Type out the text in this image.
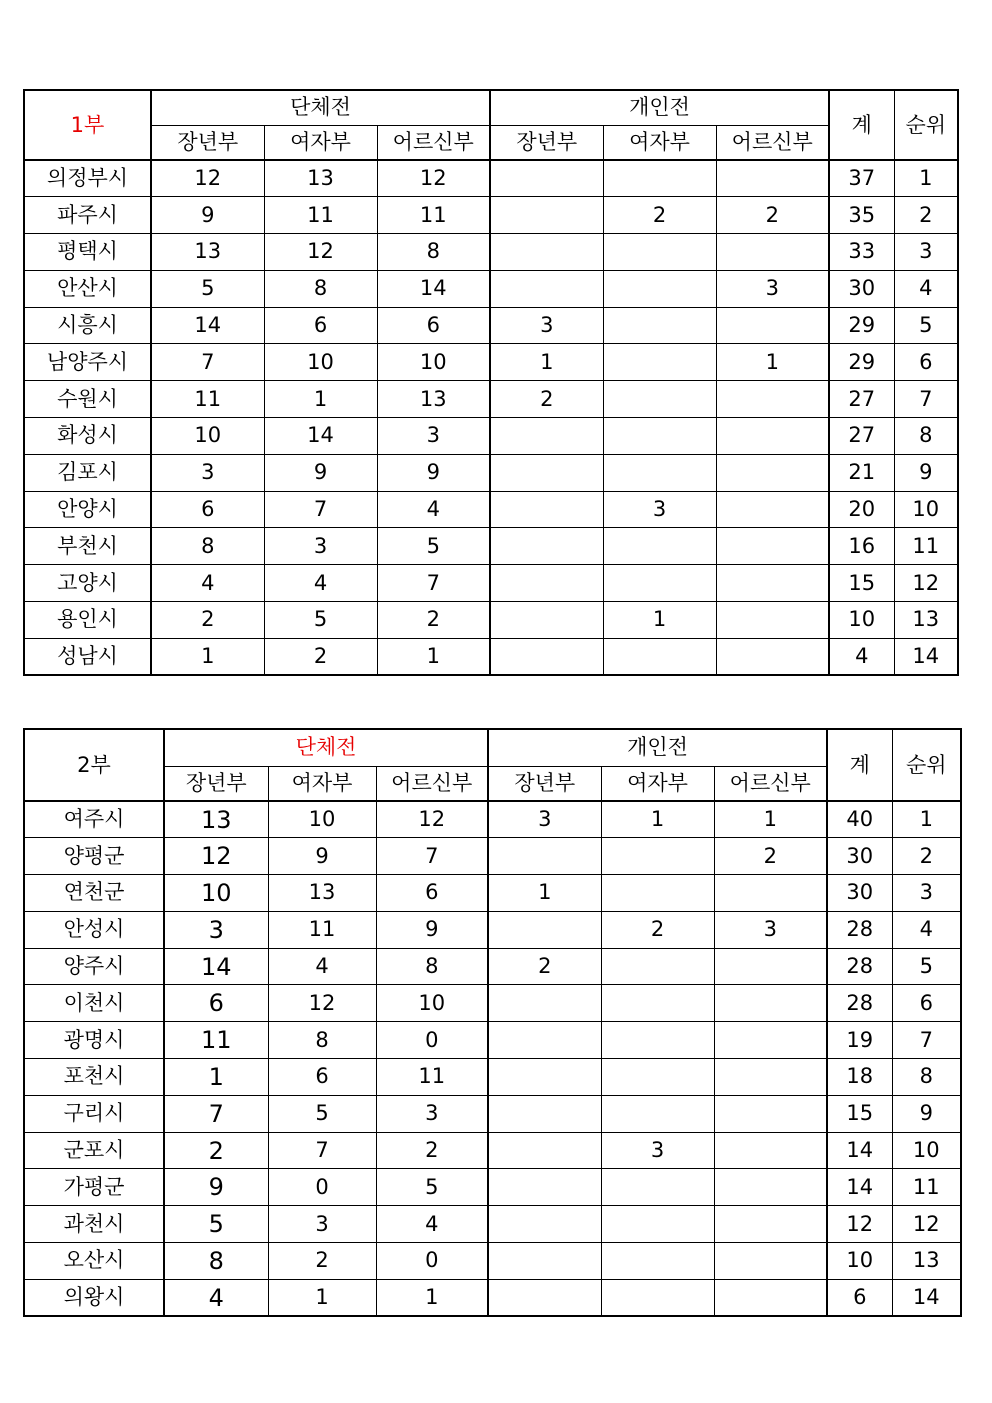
1부	단체전			개인전			계	순위
	장년부	여자부	어르신부	장년부	여자부	어르신부		
의정부시	12	13	12				37	1
파주시	9	11	11		2	2	35	2
평택시	13	12	8				33	3
안산시	5	8	14			3	30	4
시흥시	14	6	6	3			29	5
남양주시	7	10	10	1		1	29	6
수원시	11	1	13	2			27	7
화성시	10	14	3				27	8
김포시	3	9	9				21	9
안양시	6	7	4		3		20	10
부천시	8	3	5				16	11
고양시	4	4	7				15	12
용인시	2	5	2		1		10	13
성남시	1	2	1				4	14
2부	단체전			개인전			계	순위
	장년부	여자부	어르신부	장년부	여자부	어르신부		
여주시	13	10	12	3	1	1	40	1
양평군	12	9	7			2	30	2
연천군	10	13	6	1			30	3
안성시	3	11	9		2	3	28	4
양주시	14	4	8	2			28	5
이천시	6	12	10				28	6
광명시	11	8	0				19	7
포천시	1	6	11				18	8
구리시	7	5	3				15	9
군포시	2	7	2		3		14	10
가평군	9	0	5				14	11
과천시	5	3	4				12	12
오산시	8	2	0				10	13
의왕시	4	1	1				6	14
